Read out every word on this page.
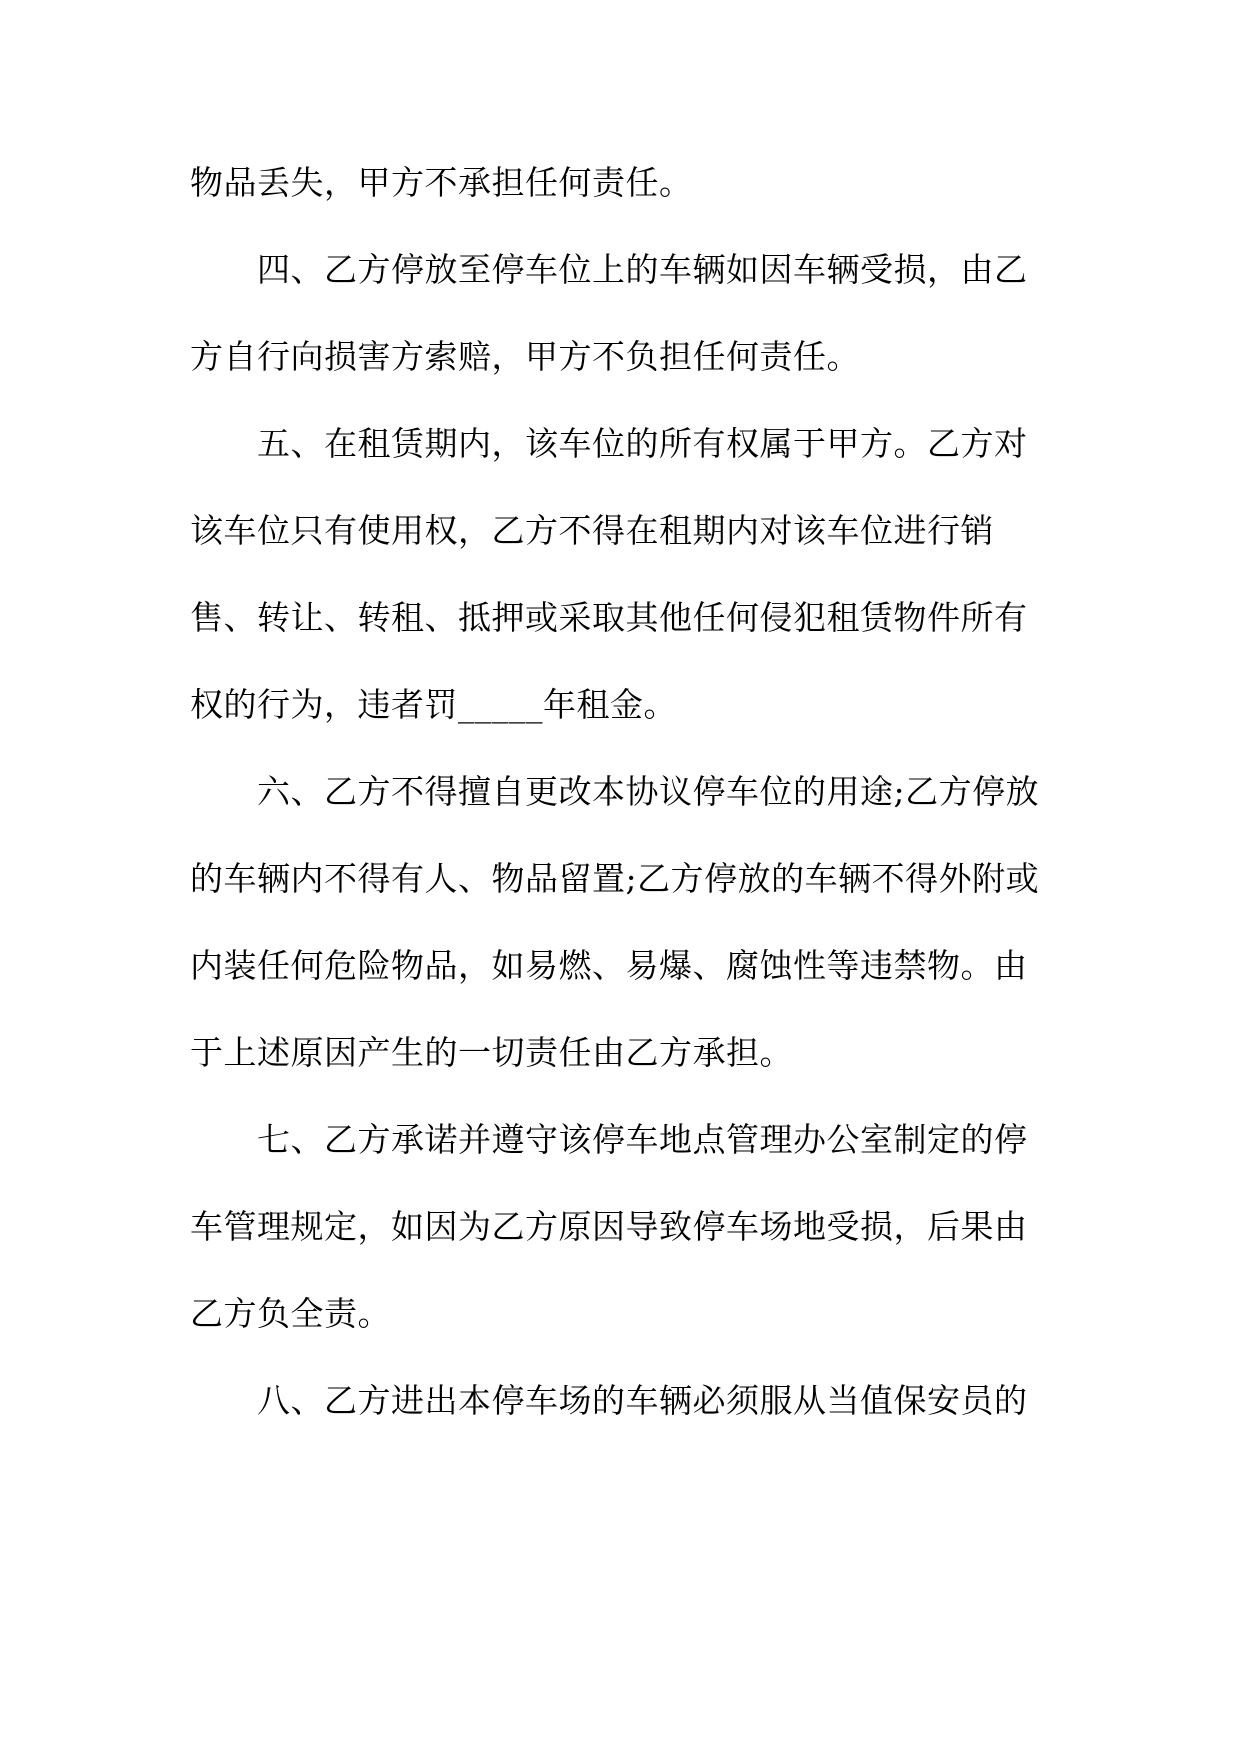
物品丢失，甲方不承担任何责任。
四、乙方停放至停车位上的车辆如因车辆受损，由乙
方自行向损害方索赔，甲方不负担任何责任。
五、在租赁期内，该车位的所有权属于甲方。乙方对
该车位只有使用权，乙方不得在租期内对该车位进行销
售、转让、转租、抵押或采取其他任何侵犯租赁物件所有
权的行为，违者罚_____年租金。
六、乙方不得擅自更改本协议停车位的用途;乙方停放
的车辆内不得有人、物品留置;乙方停放的车辆不得外附或
内装任何危险物品，如易燃、易爆、腐蚀性等违禁物。由
于上述原因产生的一切责任由乙方承担。
七、乙方承诺并遵守该停车地点管理办公室制定的停
车管理规定，如因为乙方原因导致停车场地受损，后果由
乙方负全责。
八、乙方进出本停车场的车辆必须服从当值保安员的
